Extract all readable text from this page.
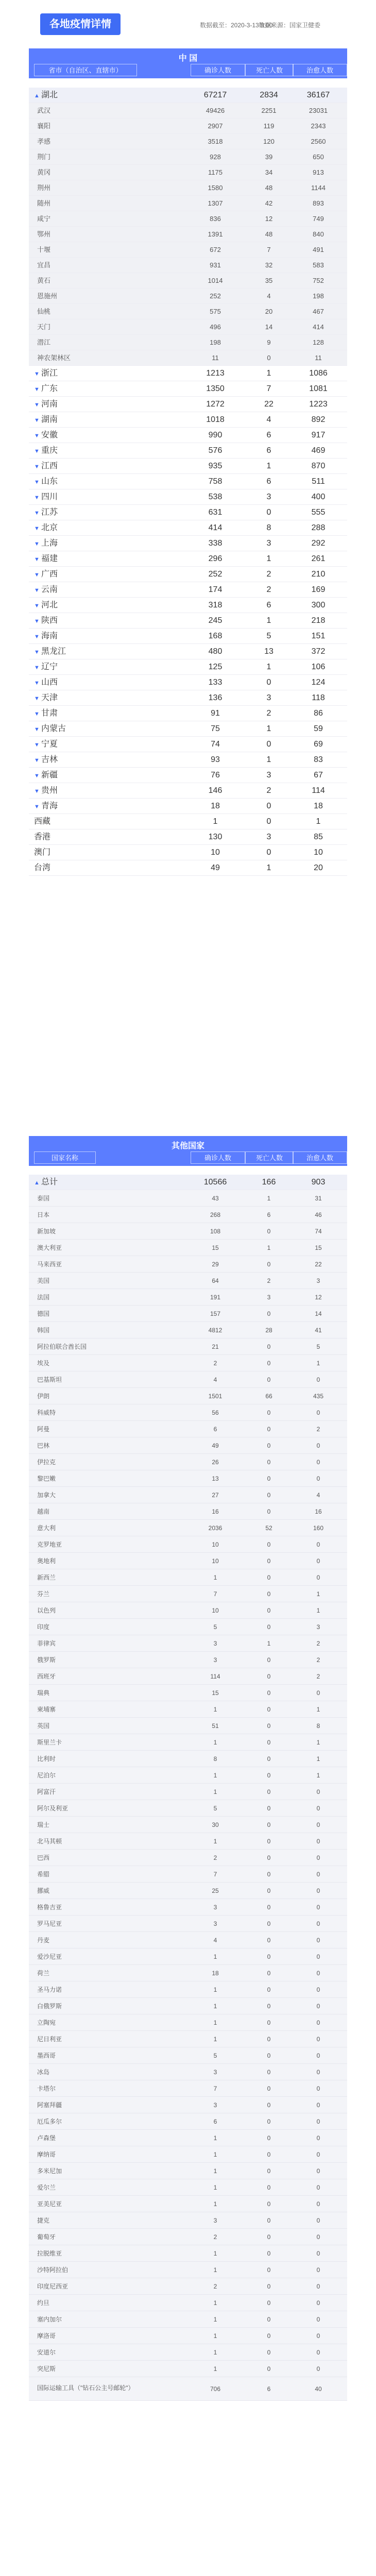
各地疫情详情	数据截至：2020-3-13 8:00
数据来源：国家卫健委
中 国
省市（自治区、直辖市）	确诊人数	死亡人数	治愈人数
▲ 湖北	67217	2834	36167
武汉	49426	2251	23031
襄阳	2907	119	2343
孝感	3518	120	2560
荆门	928	39	650
黄冈	1175	34	913
荆州	1580	48	1144
随州	1307	42	893
咸宁	836	12	749
鄂州	1391	48	840
十堰	672	7	491
宜昌	931	32	583
黄石	1014	35	752
恩施州	252	4	198
仙桃	575	20	467
天门	496	14	414
潜江	198	9	128
神农架林区	11	0	11
▼ 浙江	1213	1	1086
▼ 广东	1350	7	1081
▼ 河南	1272	22	1223
▼ 湖南	1018	4	892
▼ 安徽	990	6	917
▼ 重庆	576	6	469
▼ 江西	935	1	870
▼ 山东	758	6	511
▼ 四川	538	3	400
▼ 江苏	631	0	555
▼ 北京	414	8	288
▼ 上海	338	3	292
▼ 福建	296	1	261
▼ 广西	252	2	210
▼ 云南	174	2	169
▼ 河北	318	6	300
▼ 陕西	245	1	218
▼ 海南	168	5	151
▼ 黑龙江	480	13	372
▼ 辽宁	125	1	106
▼ 山西	133	0	124
▼ 天津	136	3	118
▼ 甘肃	91	2	86
▼ 内蒙古	75	1	59
▼ 宁夏	74	0	69
▼ 吉林	93	1	83
▼ 新疆	76	3	67
▼ 贵州	146	2	114
▼ 青海	18	0	18
西藏	1	0	1
香港	130	3	85
澳门	10	0	10
台湾	49	1	20
其他国家
国家名称	确诊人数	死亡人数	治愈人数
▲ 总计	10566	166	903
泰国	43	1	31
日本	268	6	46
新加坡	108	0	74
澳大利亚	15	1	15
马来西亚	29	0	22
美国	64	2	3
法国	191	3	12
德国	157	0	14
韩国	4812	28	41
阿拉伯联合酋长国	21	0	5
埃及	2	0	1
巴基斯坦	4	0	0
伊朗	1501	66	435
科威特	56	0	0
阿曼	6	0	2
巴林	49	0	0
伊拉克	26	0	0
黎巴嫩	13	0	0
加拿大	27	0	4
越南	16	0	16
意大利	2036	52	160
克罗地亚	10	0	0
奥地利	10	0	0
新西兰	1	0	0
芬兰	7	0	1
以色列	10	0	1
印度	5	0	3
菲律宾	3	1	2
俄罗斯	3	0	2
西班牙	114	0	2
瑞典	15	0	0
柬埔寨	1	0	1
英国	51	0	8
斯里兰卡	1	0	1
比利时	8	0	1
尼泊尔	1	0	1
阿富汗	1	0	0
阿尔及利亚	5	0	0
瑞士	30	0	0
北马其顿	1	0	0
巴西	2	0	0
希腊	7	0	0
挪威	25	0	0
格鲁吉亚	3	0	0
罗马尼亚	3	0	0
丹麦	4	0	0
爱沙尼亚	1	0	0
荷兰	18	0	0
圣马力诺	1	0	0
白俄罗斯	1	0	0
立陶宛	1	0	0
尼日利亚	1	0	0
墨西哥	5	0	0
冰岛	3	0	0
卡塔尔	7	0	0
阿塞拜疆	3	0	0
厄瓜多尔	6	0	0
卢森堡	1	0	0
摩纳哥	1	0	0
多米尼加	1	0	0
爱尔兰	1	0	0
亚美尼亚	1	0	0
捷克	3	0	0
葡萄牙	2	0	0
拉脱维亚	1	0	0
沙特阿拉伯	1	0	0
印度尼西亚	2	0	0
约旦	1	0	0
塞内加尔	1	0	0
摩洛哥	1	0	0
安道尔	1	0	0
突尼斯	1	0	0
国际运输工具（"钻石公主号邮轮"）	706	6	40
